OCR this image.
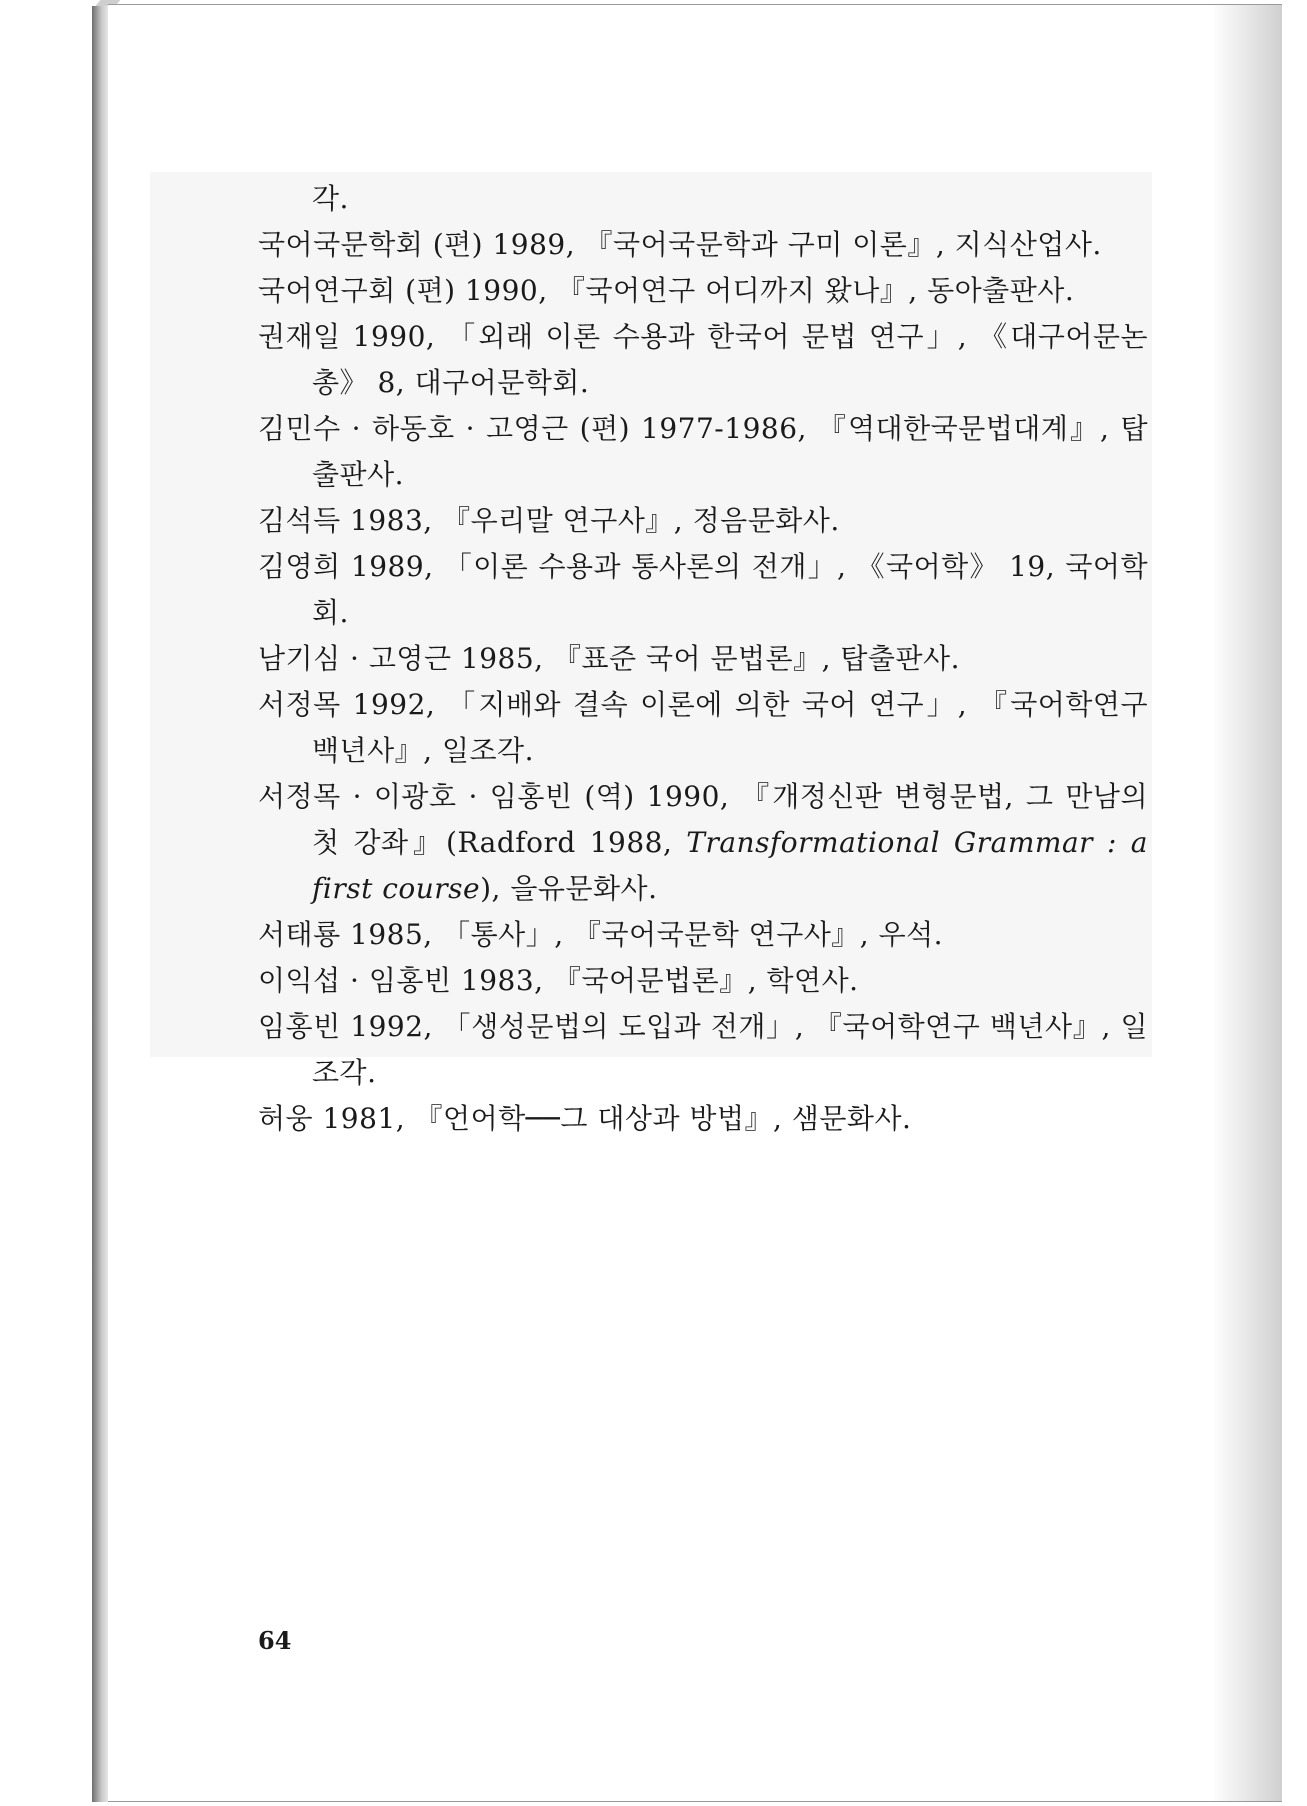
각.
국어국문학회 (편) 1989, 『국어국문학과 구미 이론』, 지식산업사.
국어연구회 (편) 1990, 『국어연구 어디까지 왔나』, 동아출판사.
권재일 1990, 「외래 이론 수용과 한국어 문법 연구」, 《대구어문논총》 8, 대구어문학회.
김민수 · 하동호 · 고영근 (편) 1977-1986, 『역대한국문법대계』, 탑출판사.
김석득 1983, 『우리말 연구사』, 정음문화사.
김영희 1989, 「이론 수용과 통사론의 전개」, 《국어학》 19, 국어학회.
남기심 · 고영근 1985, 『표준 국어 문법론』, 탑출판사.
서정목 1992, 「지배와 결속 이론에 의한 국어 연구」, 『국어학연구 백년사』, 일조각.
서정목 · 이광호 · 임홍빈 (역) 1990, 『개정신판 변형문법, 그 만남의 첫 강좌』(Radford 1988, Transformational Grammar : a first course), 을유문화사.
서태룡 1985, 「통사」, 『국어국문학 연구사』, 우석.
이익섭 · 임홍빈 1983, 『국어문법론』, 학연사.
임홍빈 1992, 「생성문법의 도입과 전개」, 『국어학연구 백년사』, 일조각.
허웅 1981, 『언어학──그 대상과 방법』, 샘문화사.
64
